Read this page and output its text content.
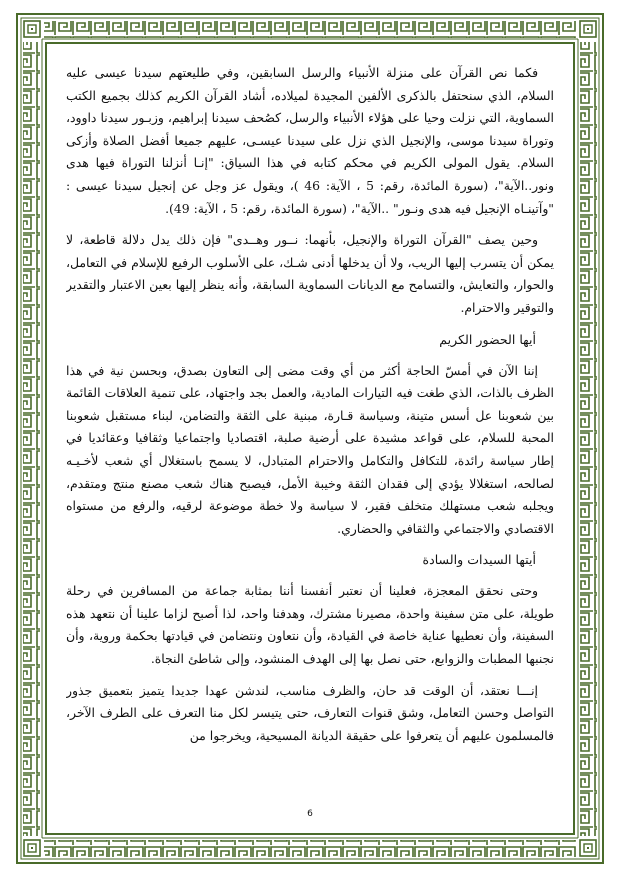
فكما نص القرآن على منزلة الأنبياء والرسل السابقين، وفي طليعتهم سيدنا عيسى عليه السلام، الذي سنحتفل بالذكرى الألفين المجيدة لميلاده، أشاد القرآن الكريم كذلك بجميع الكتب السماوية، التي نزلت وحيا على هؤلاء الأنبياء والرسل، كصُحف سيدنا إبراهيم، وزبـور سيدنا داوود، وتوراة سيدنا موسى، والإنجيل الذي نزل على سيدنا عيسـى، عليهم جميعا أفضل الصلاة وأزكى السلام. يقول المولى الكريم في محكم كتابه في هذا السياق: "إنـا أنزلنا التوراة فيها هدى ونور..الآية"، (سورة المائدة، رقم: 5 ، الآية: 46 )، ويقول عز وجل عن إنجيل سيدنا عيسى : "وآتينـاه الإنجيل فيه هدى ونـور" ..الآية"، (سورة المائدة، رقم: 5 ، الآية: 49).

وحين يصف "القرآن التوراة والإنجيل، بأنهما: نــور وهــدى" فإن ذلك يدل دلالة قاطعة، لا يمكن أن يتسرب إليها الريب، ولا أن يدخلها أدنى شـك، على الأسلوب الرفيع للإسلام في التعامل، والحوار، والتعايش، والتسامح مع الديانات السماوية السابقة، وأنه ينظر إليها بعين الاعتبار والتقدير والتوقير والاحترام.

أيها الحضور الكريم

إننا الآن في أمسّ الحاجة أكثر من أي وقت مضى إلى التعاون بصدق، وبحسن نية في هذا الظرف بالذات، الذي طغت فيه التيارات المادية، والعمل بجد واجتهاد، على تنمية العلاقات القائمة بين شعوبنا عل أسس متينة، وسياسة قـارة، مبنية على الثقة والتضامن، لبناء مستقبل شعوبنا المحبة للسلام، على قواعد مشيدة على أرضية صلبة، اقتصاديا واجتماعيا وثقافيا وعقائديا في إطار سياسة رائدة، للتكافل والتكامل والاحترام المتبادل، لا يسمح باستغلال أي شعب لأخـيـه لصالحه، استغلالا يؤدي إلى فقدان الثقة وخيبة الأمل، فيصبح هناك شعب مصنع منتج ومتقدم، ويجلبه شعب مستهلك متخلف فقير، لا سياسة ولا خطة موضوعة لرقيه، والرفع من مستواه الاقتصادي والاجتماعي والثقافي والحضاري.

أيتها السيدات والسادة

وحتى نحقق المعجزة، فعلينا أن نعتبر أنفسنا أننا بمثابة جماعة من المسافرين في رحلة طويلة، على متن سفينة واحدة، مصيرنا مشترك، وهدفنا واحد، لذا أصبح لزاما علينا أن نتعهد هذه السفينة، وأن نعطيها عناية خاصة في القيادة، وأن نتعاون ونتضامن في قيادتها بحكمة وروية، وأن نجنبها المطبات والزوابع، حتى نصل بها إلى الهدف المنشود، وإلى شاطئ النجاة.

إنـــا نعتقد، أن الوقت قد حان، والظرف مناسب، لندشن عهدا جديدا يتميز بتعميق جذور التواصل وحسن التعامل، وشق قنوات التعارف، حتى يتيسر لكل منا التعرف على الطرف الآخر، فالمسلمون عليهم أن يتعرفوا على حقيقة الديانة المسيحية، ويخرجوا من

6
